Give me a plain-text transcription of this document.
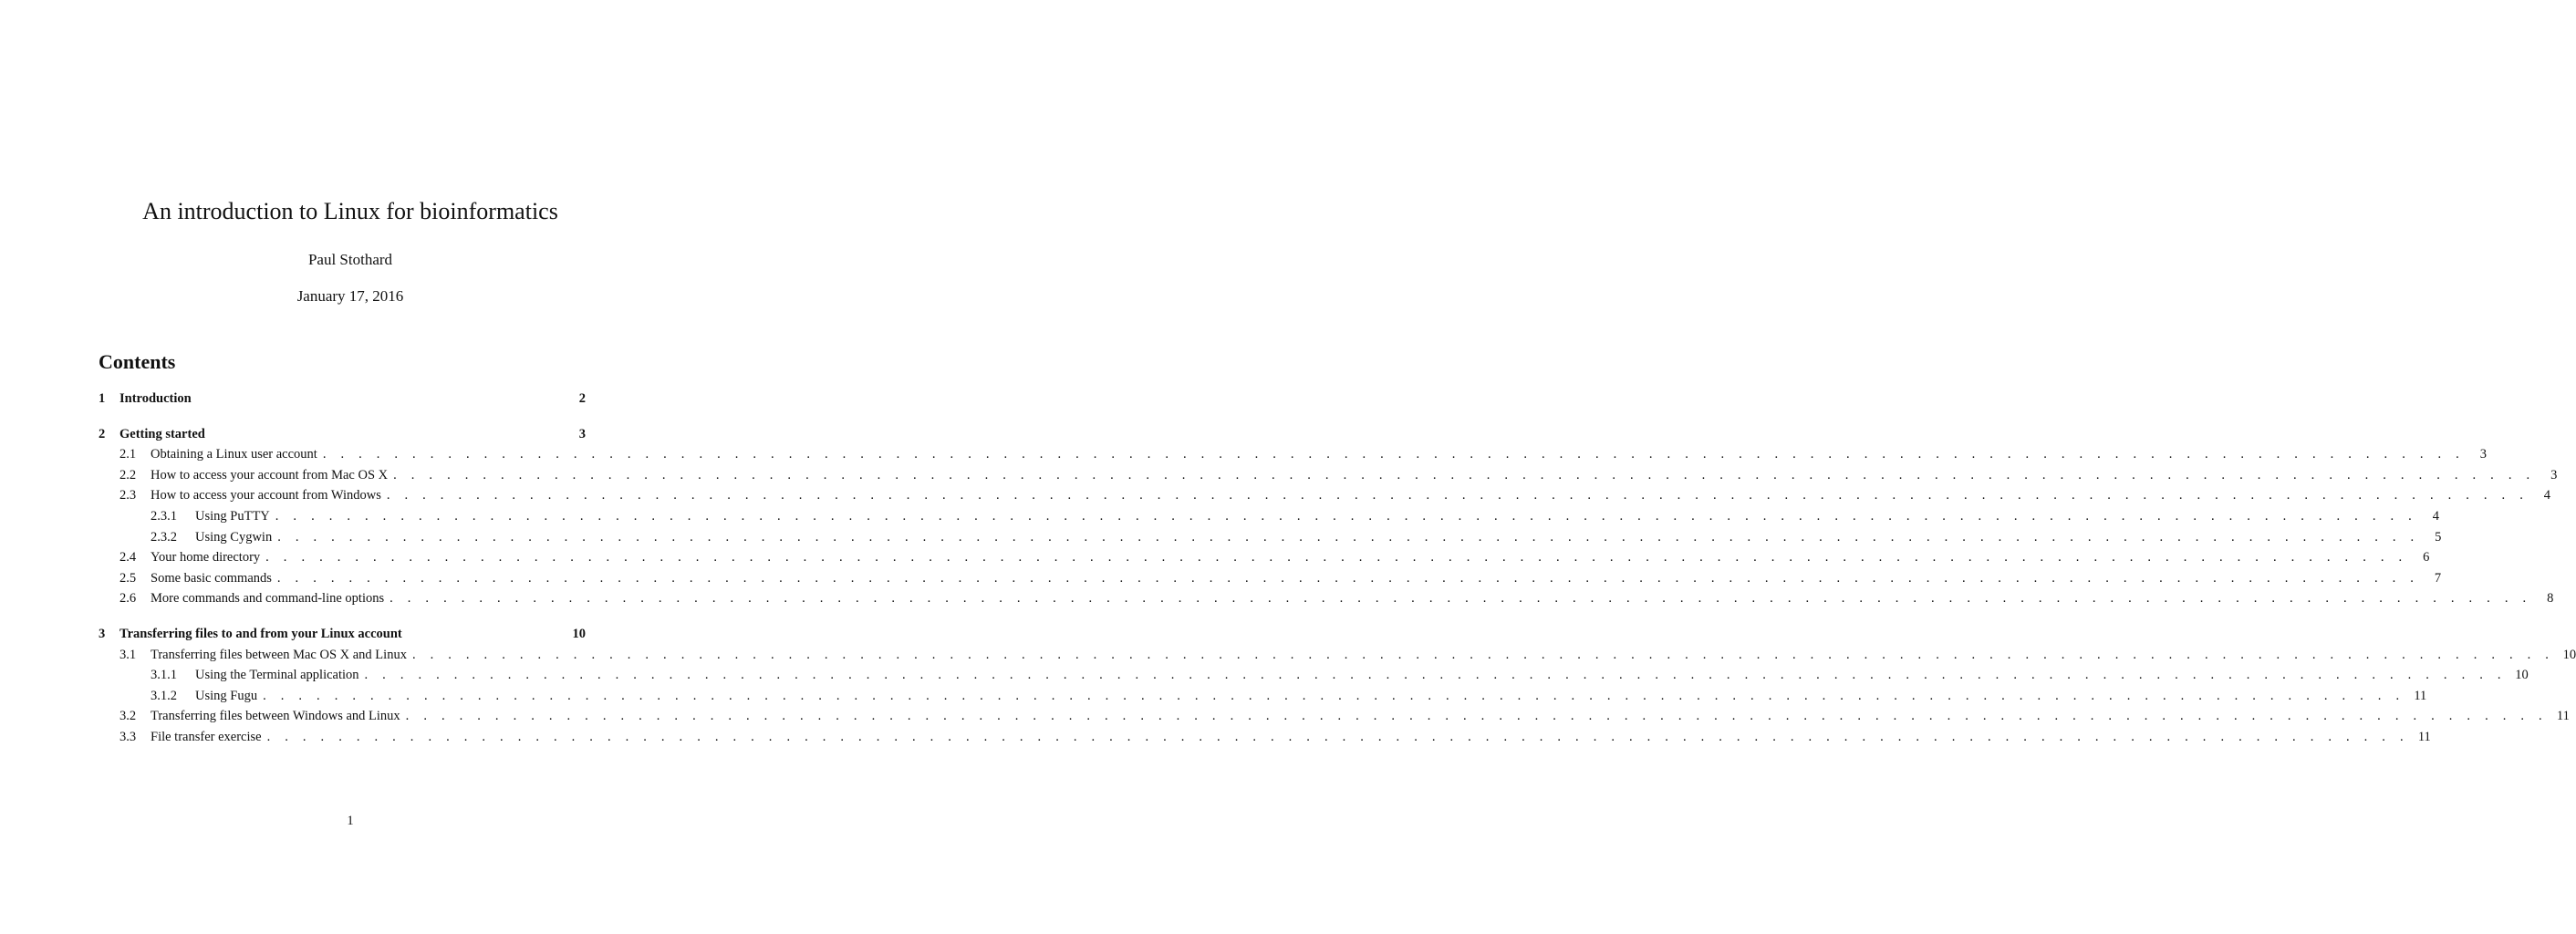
An introduction to Linux for bioinformatics
Paul Stothard
January 17, 2016
Contents
1	Introduction	2
2	Getting started	3
2.1	Obtaining a Linux user account . . . . . . . . . . . . . . . . . . . . . . . . . . . . . . . . . . . . . . . . . . . . . . . . . . . . . . . . . . . . . . . . . . . . . . . . . . . . . . . . . . . . . . . . . . . . . . . . . . . . . . . . . . . . . . . . . . . . . . . .	3
2.2	How to access your account from Mac OS X . . . . . . . . . . . . . . . . . . . . . . . . . . . . . . . . . . . . . . . . . . . . . . . . . . . . . . . . . . . . . . . . . . . . . . . . . . . . . . . . . . . . . . . . . . . . . . . . . . . . . . . . . . . . . . . . . . . . . . . .	3
2.3	How to access your account from Windows . . . . . . . . . . . . . . . . . . . . . . . . . . . . . . . . . . . . . . . . . . . . . . . . . . . . . . . . . . . . . . . . . . . . . . . . . . . . . . . . . . . . . . . . . . . . . . . . . . . . . . . . . . . . . . . . . . . . . . . .	4
2.3.1	Using PuTTY . . . . . . . . . . . . . . . . . . . . . . . . . . . . . . . . . . . . . . . . . . . . . . . . . . . . . . . . . . . . . . . . . . . . . . . . . . . . . . . . . . . . . . . . . . . . . . . . . . . . . . . . . . . . . . . . . . . . . . . .	4
2.3.2	Using Cygwin . . . . . . . . . . . . . . . . . . . . . . . . . . . . . . . . . . . . . . . . . . . . . . . . . . . . . . . . . . . . . . . . . . . . . . . . . . . . . . . . . . . . . . . . . . . . . . . . . . . . . . . . . . . . . . . . . . . . . . . .	5
2.4	Your home directory . . . . . . . . . . . . . . . . . . . . . . . . . . . . . . . . . . . . . . . . . . . . . . . . . . . . . . . . . . . . . . . . . . . . . . . . . . . . . . . . . . . . . . . . . . . . . . . . . . . . . . . . . . . . . . . . . . . . . . . .	6
2.5	Some basic commands . . . . . . . . . . . . . . . . . . . . . . . . . . . . . . . . . . . . . . . . . . . . . . . . . . . . . . . . . . . . . . . . . . . . . . . . . . . . . . . . . . . . . . . . . . . . . . . . . . . . . . . . . . . . . . . . . . . . . . . .	7
2.6	More commands and command-line options . . . . . . . . . . . . . . . . . . . . . . . . . . . . . . . . . . . . . . . . . . . . . . . . . . . . . . . . . . . . . . . . . . . . . . . . . . . . . . . . . . . . . . . . . . . . . . . . . . . . . . . . . . . . . . . . . . . . . . . .	8
3	Transferring files to and from your Linux account	10
3.1	Transferring files between Mac OS X and Linux . . . . . . . . . . . . . . . . . . . . . . . . . . . . . . . . . . . . . . . . . . . . . . . . . . . . . . . . . . . . . . . . . . . . . . . . . . . . . . . . . . . . . . . . . . . . . . . . . . . . . . . . . . . . . . . . . . . . . . . . 10
3.1.1	Using the Terminal application . . . . . . . . . . . . . . . . . . . . . . . . . . . . . . . . . . . . . . . . . . . . . . . . . . . . . . . . . . . . . . . . . . . . . . . . . . . . . . . . . . . . . . . . . . . . . . . . . . . . . . . . . . . . . . . . . . . . . . . . 10
3.1.2	Using Fugu . . . . . . . . . . . . . . . . . . . . . . . . . . . . . . . . . . . . . . . . . . . . . . . . . . . . . . . . . . . . . . . . . . . . . . . . . . . . . . . . . . . . . . . . . . . . . . . . . . . . . . . . . . . . . . . . . . . . . . . . 11
3.2	Transferring files between Windows and Linux . . . . . . . . . . . . . . . . . . . . . . . . . . . . . . . . . . . . . . . . . . . . . . . . . . . . . . . . . . . . . . . . . . . . . . . . . . . . . . . . . . . . . . . . . . . . . . . . . . . . . . . . . . . . . . . . . . . . . . . . 11
3.3	File transfer exercise . . . . . . . . . . . . . . . . . . . . . . . . . . . . . . . . . . . . . . . . . . . . . . . . . . . . . . . . . . . . . . . . . . . . . . . . . . . . . . . . . . . . . . . . . . . . . . . . . . . . . . . . . . . . . . . . . . . . . . . . 11
1
